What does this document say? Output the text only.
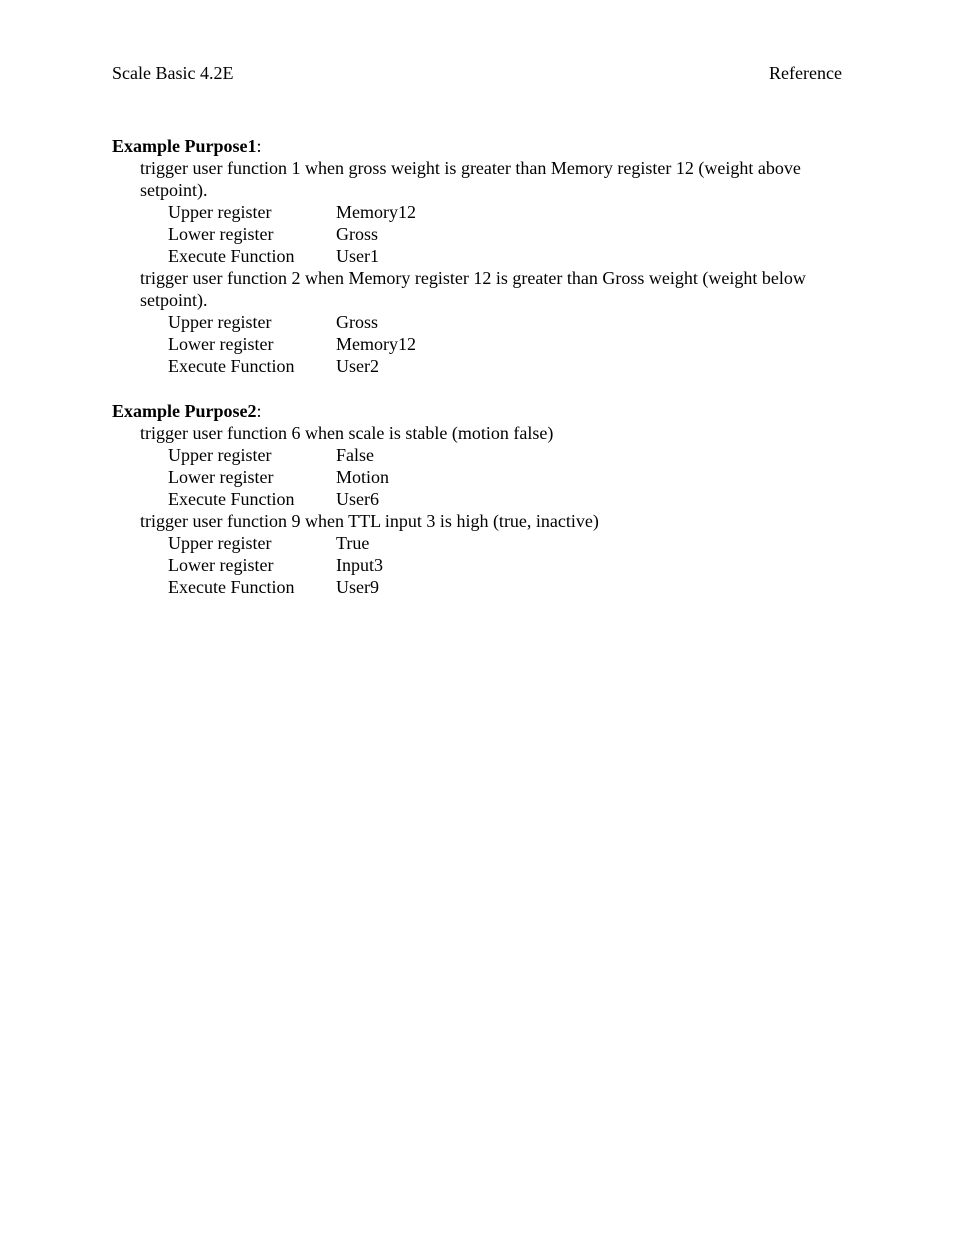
Scale Basic 4.2E	Reference
Example Purpose1:
trigger user function 1 when gross weight is greater than Memory register 12 (weight above setpoint).
Upper register	Memory12
Lower register	Gross
Execute Function	User1
trigger user function 2 when Memory register 12 is greater than Gross weight (weight below setpoint).
Upper register	Gross
Lower register	Memory12
Execute Function	User2
Example Purpose2:
trigger user function 6 when scale is stable (motion false)
Upper register	False
Lower register	Motion
Execute Function	User6
trigger user function 9 when TTL input 3 is high (true, inactive)
Upper register	True
Lower register	Input3
Execute Function	User9
